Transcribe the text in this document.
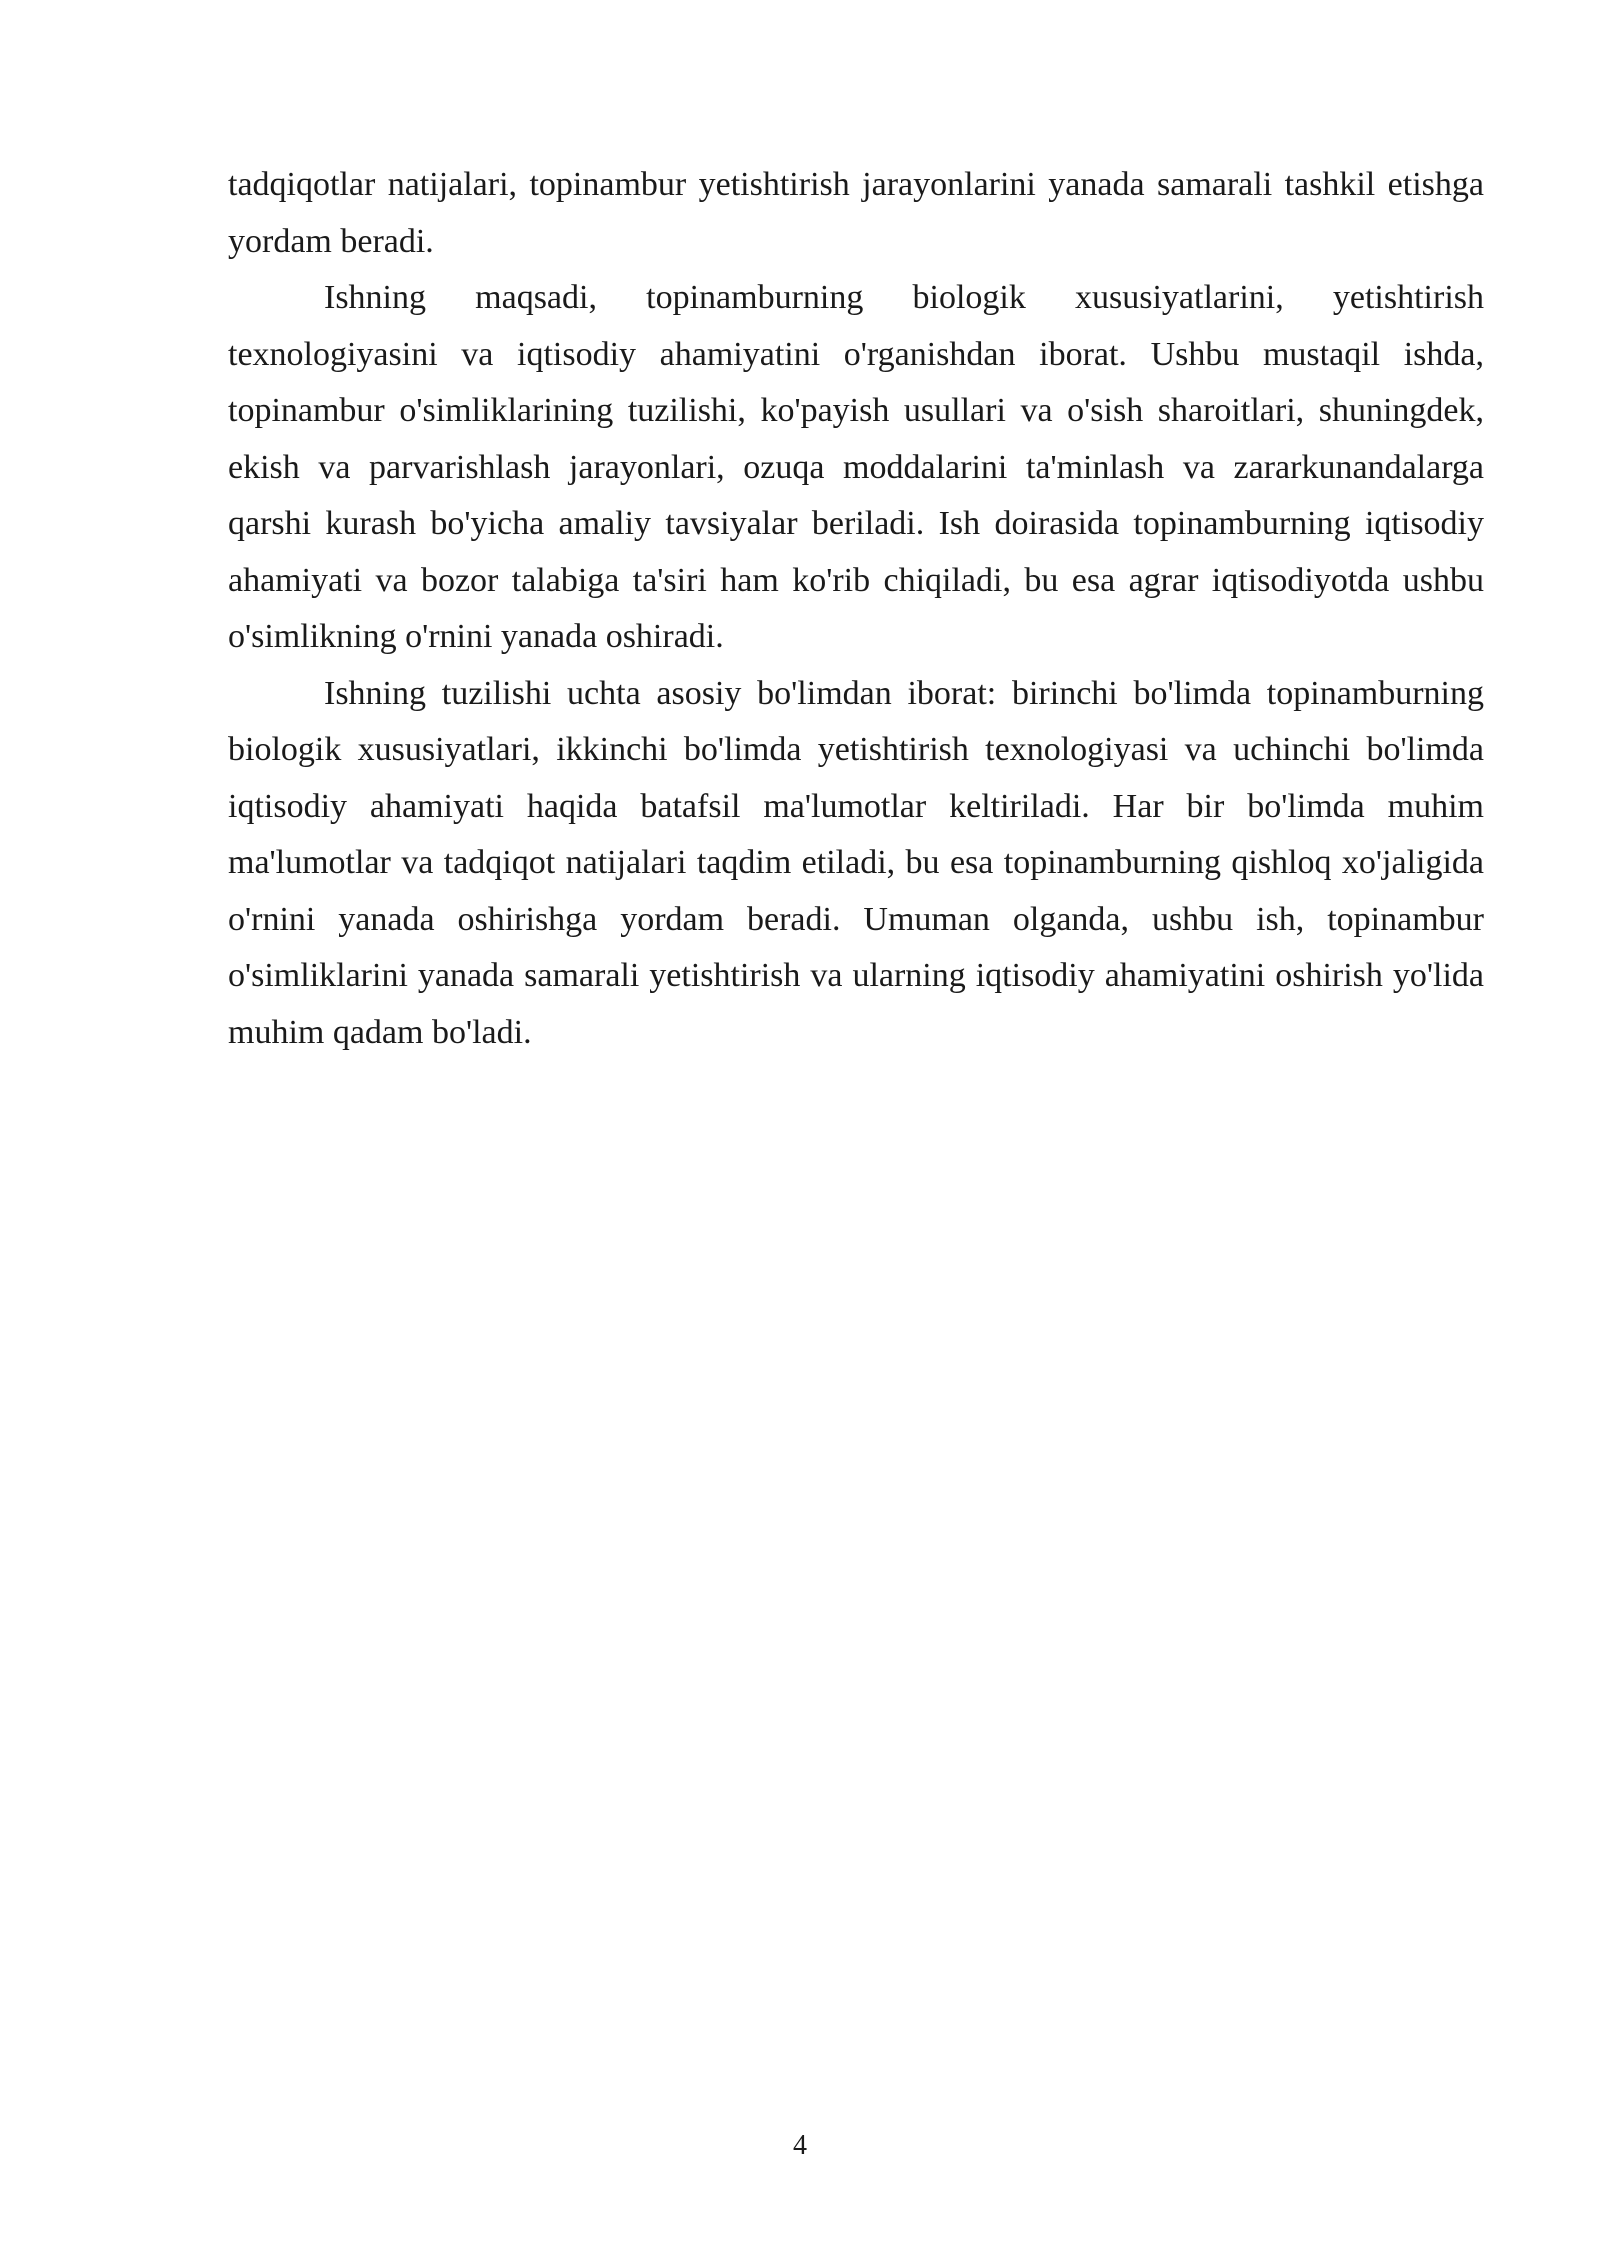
tadqiqotlar natijalari, topinambur yetishtirish jarayonlarini yanada samarali tashkil etishga yordam beradi.

Ishning maqsadi, topinamburning biologik xususiyatlarini, yetishtirish texnologiyasini va iqtisodiy ahamiyatini o'rganishdan iborat. Ushbu mustaqil ishda, topinambur o'simliklarining tuzilishi, ko'payish usullari va o'sish sharoitlari, shuningdek, ekish va parvarishlash jarayonlari, ozuqa moddalarini ta'minlash va zararkunandalarga qarshi kurash bo'yicha amaliy tavsiyalar beriladi. Ish doirasida topinamburning iqtisodiy ahamiyati va bozor talabiga ta'siri ham ko'rib chiqiladi, bu esa agrar iqtisodiyotda ushbu o'simlikning o'rnini yanada oshiradi.

Ishning tuzilishi uchta asosiy bo'limdan iborat: birinchi bo'limda topinamburning biologik xususiyatlari, ikkinchi bo'limda yetishtirish texnologiyasi va uchinchi bo'limda iqtisodiy ahamiyati haqida batafsil ma'lumotlar keltiriladi. Har bir bo'limda muhim ma'lumotlar va tadqiqot natijalari taqdim etiladi, bu esa topinamburning qishloq xo'jaligida o'rnini yanada oshirishga yordam beradi. Umuman olganda, ushbu ish, topinambur o'simliklarini yanada samarali yetishtirish va ularning iqtisodiy ahamiyatini oshirish yo'lida muhim qadam bo'ladi.

4
